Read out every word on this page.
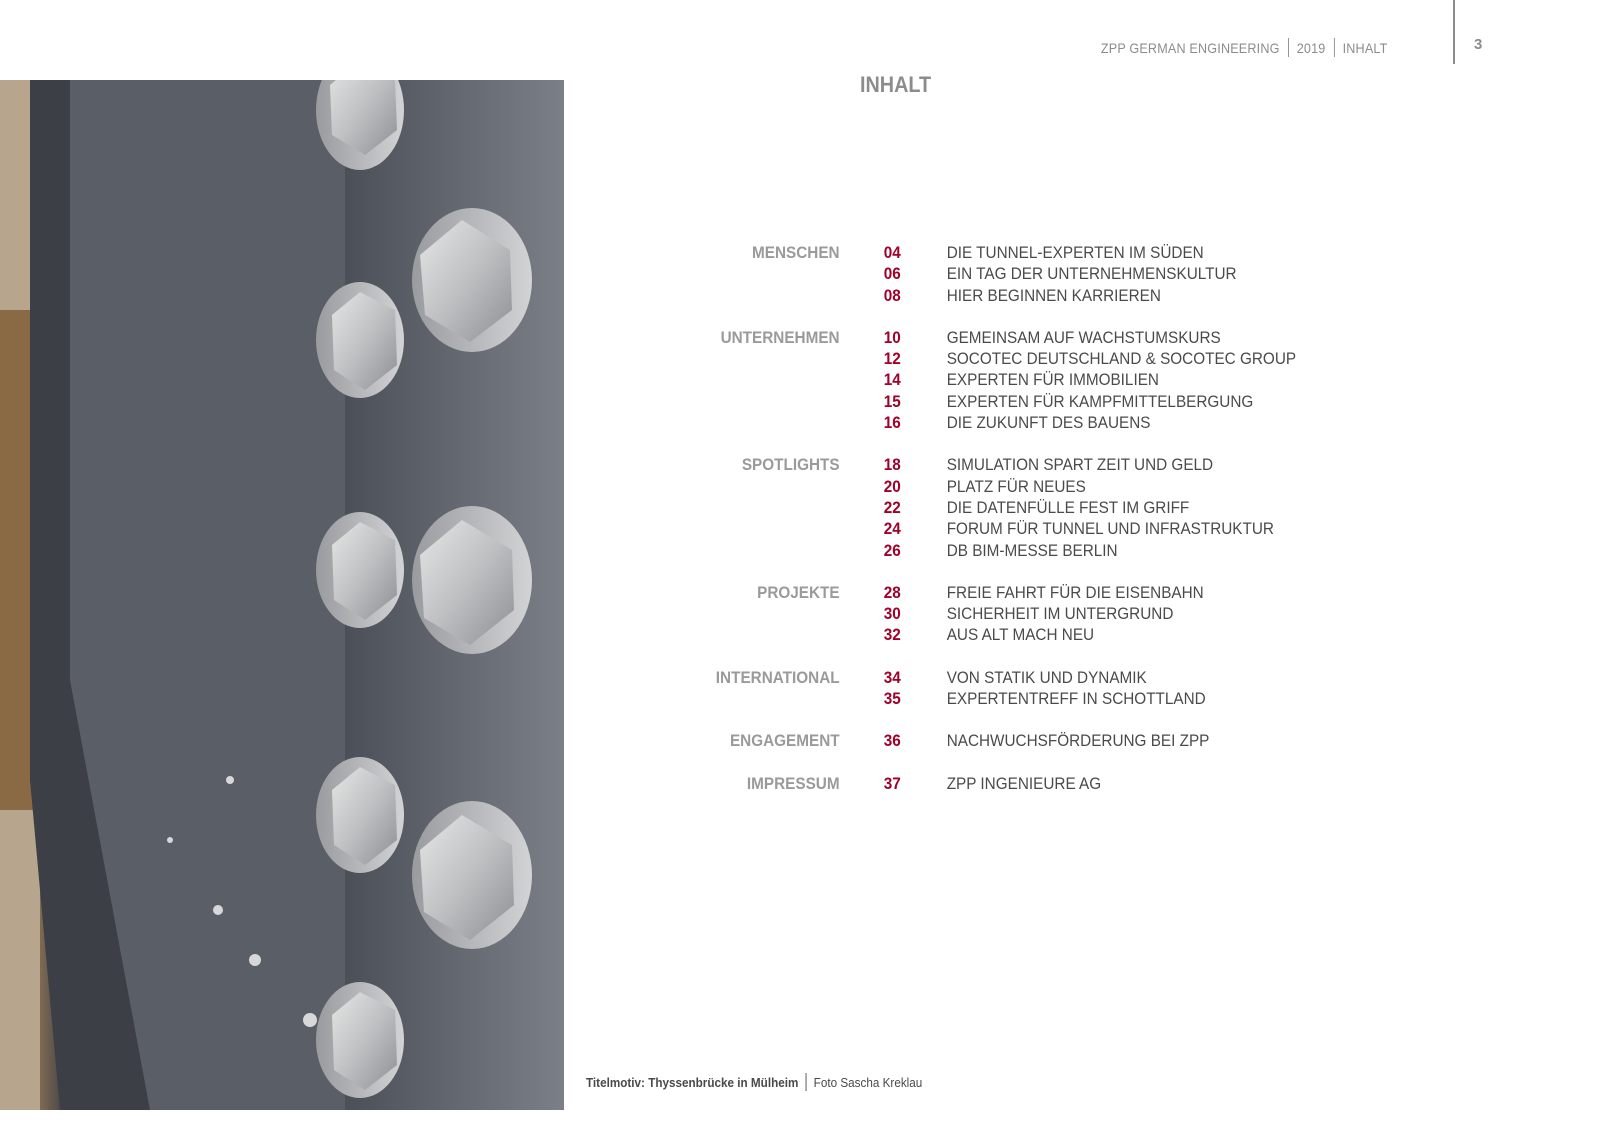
ZPP GERMAN ENGINEERING 2019 INHALT	3
INHALT
MENSCHEN	04	DIE TUNNEL-EXPERTEN IM SÜDEN
06	EIN TAG DER UNTERNEHMENSKULTUR
08	HIER BEGINNEN KARRIEREN
UNTERNEHMEN	10	GEMEINSAM AUF WACHSTUMSKURS
12	SOCOTEC DEUTSCHLAND & SOCOTEC GROUP
14	EXPERTEN FÜR IMMOBILIEN
15	EXPERTEN FÜR KAMPFMITTELBERGUNG
16	DIE ZUKUNFT DES BAUENS
SPOTLIGHTS	18	SIMULATION SPART ZEIT UND GELD
20	PLATZ FÜR NEUES
22	DIE DATENFÜLLE FEST IM GRIFF
24	FORUM FÜR TUNNEL UND INFRASTRUKTUR
26	DB BIM-MESSE BERLIN
PROJEKTE	28	FREIE FAHRT FÜR DIE EISENBAHN
30	SICHERHEIT IM UNTERGRUND
32	AUS ALT MACH NEU
INTERNATIONAL	34	VON STATIK UND DYNAMIK
35	EXPERTENTREFF IN SCHOTTLAND
ENGAGEMENT	36	NACHWUCHSFÖRDERUNG BEI ZPP
IMPRESSUM	37	ZPP INGENIEURE AG
Titelmotiv: Thyssenbrücke in Mülheim Foto Sascha Kreklau
